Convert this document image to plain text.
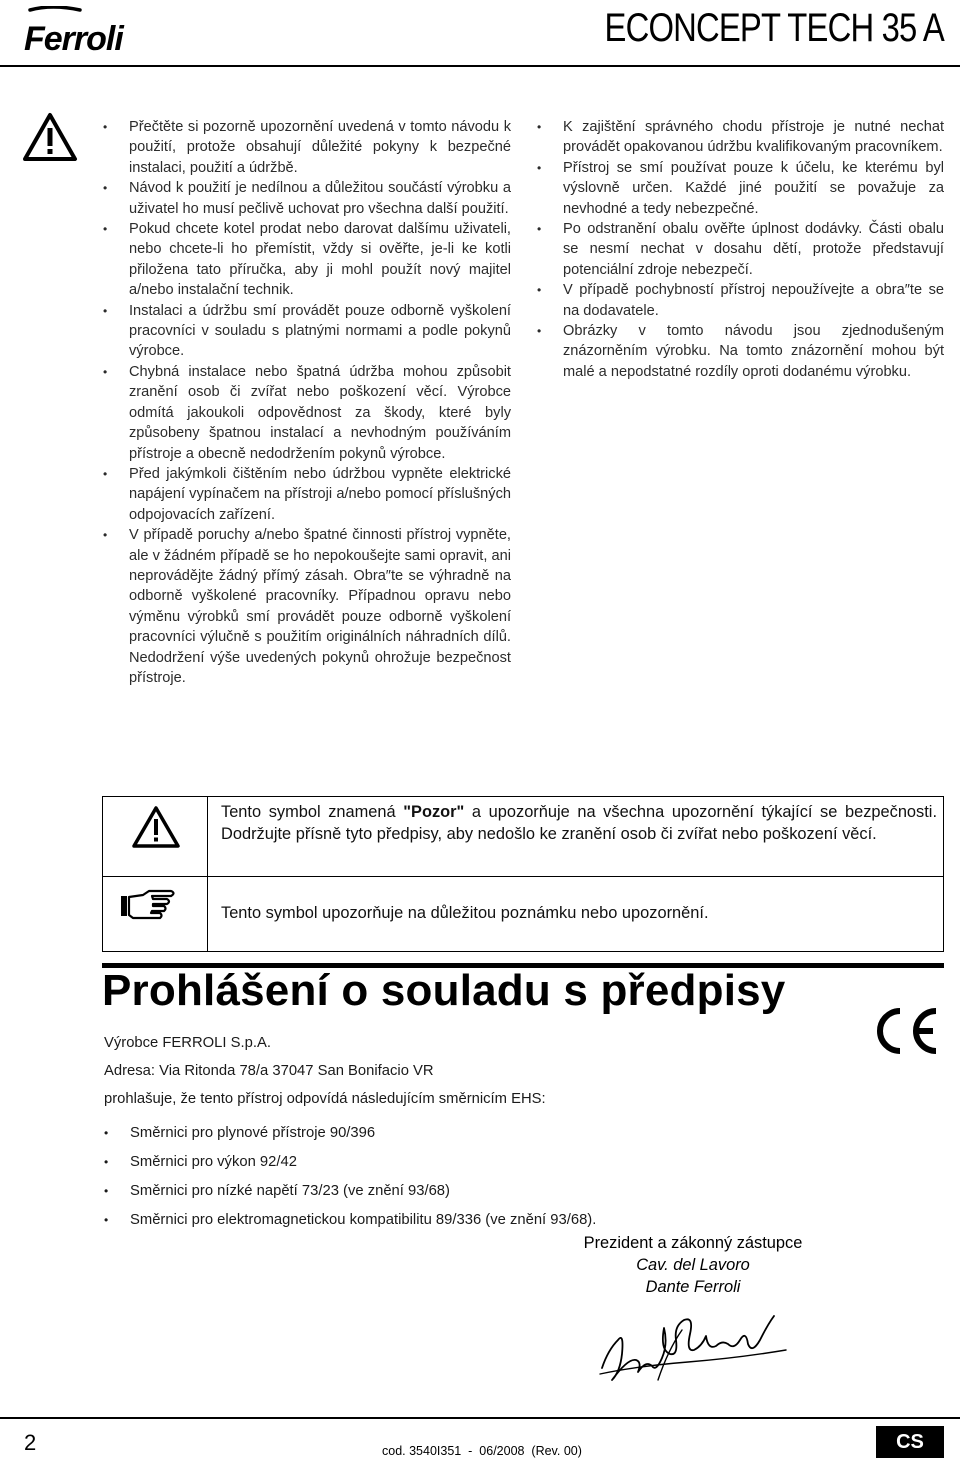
Ferroli	ECONCEPT TECH 35 A
• Přečtěte si pozorně upozornění uvedená v tomto návodu k použití, protože obsahují důležité pokyny k bezpečné instalaci, použití a údržbě.
• Návod k použití je nedílnou a důležitou součástí výrobku a uživatel ho musí pečlivě uchovat pro všechna další použití.
• Pokud chcete kotel prodat nebo darovat dalšímu uživateli, nebo chcete-li ho přemístit, vždy si ověřte, je-li ke kotli přiložena tato příručka, aby ji mohl použít nový majitel a/nebo instalační technik.
• Instalaci a údržbu smí provádět pouze odborně vyškolení pracovníci v souladu s platnými normami a podle pokynů výrobce.
• Chybná instalace nebo špatná údržba mohou způsobit zranění osob či zvířat nebo poškození věcí. Výrobce odmítá jakoukoli odpovědnost za škody, které byly způsobeny špatnou instalací a nevhodným používáním přístroje a obecně nedodržením pokynů výrobce.
• Před jakýmkoli čištěním nebo údržbou vypněte elektrické napájení vypínačem na přístroji a/nebo pomocí příslušných odpojovacích zařízení.
• V případě poruchy a/nebo špatné činnosti přístroj vypněte, ale v žádném případě se ho nepokoušejte sami opravit, ani neprovádějte žádný přímý zásah. Obra″te se výhradně na odborně vyškolené pracovníky. Případnou opravu nebo výměnu výrobků smí provádět pouze odborně vyškolení pracovníci výlučně s použitím originálních náhradních dílů. Nedodržení výše uvedených pokynů ohrožuje bezpečnost přístroje.
• K zajištění správného chodu přístroje je nutné nechat provádět opakovanou údržbu kvalifikovaným pracovníkem.
• Přístroj se smí používat pouze k účelu, ke kterému byl výslovně určen. Každé jiné použití se považuje za nevhodné a tedy nebezpečné.
• Po odstranění obalu ověřte úplnost dodávky. Části obalu se nesmí nechat v dosahu dětí, protože představují potenciální zdroje nebezpečí.
• V případě pochybností přístroj nepoužívejte a obra″te se na dodavatele.
• Obrázky v tomto návodu jsou zjednodušeným znázorněním výrobku. Na tomto znázornění mohou být malé a nepodstatné rozdíly oproti dodanému výrobku.
Tento symbol znamená "Pozor" a upozorňuje na všechna upozornění týkající se bezpečnosti. Dodržujte přísně tyto předpisy, aby nedošlo ke zranění osob či zvířat nebo poškození věcí.
Tento symbol upozorňuje na důležitou poznámku nebo upozornění.
Prohlášení o souladu s předpisy
Výrobce FERROLI S.p.A.
Adresa: Via Ritonda 78/a 37047 San Bonifacio VR
prohlašuje, že tento přístroj odpovídá následujícím směrnicím EHS:
• Směrnici pro plynové přístroje 90/396
• Směrnici pro výkon 92/42
• Směrnici pro nízké napětí 73/23 (ve znění 93/68)
• Směrnici pro elektromagnetickou kompatibilitu 89/336 (ve znění 93/68).
Prezident a zákonný zástupce
Cav. del Lavoro
Dante Ferroli
2	cod. 3540I351  -  06/2008  (Rev. 00)	CS
